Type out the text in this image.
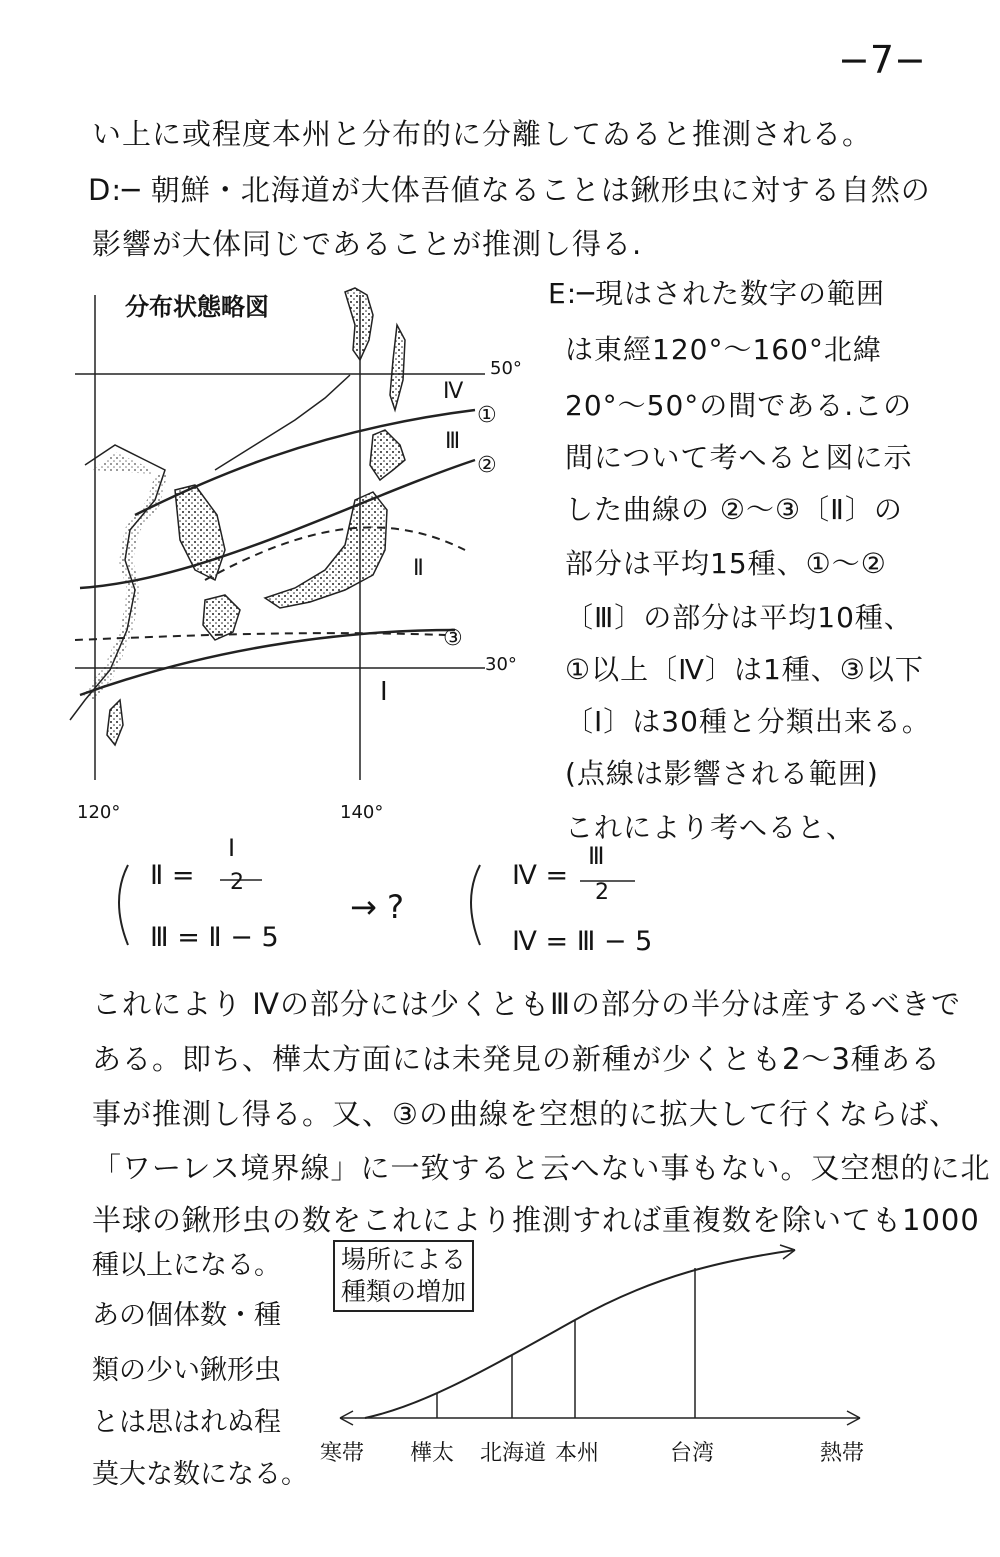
−7−
い上に或程度本州と分布的に分離してゐると推測される。
D:─ 朝鮮・北海道が大体吾値なることは鍬形虫に対する自然の
影響が大体同じであることが推測し得る.
分布状態略図
50°
30°
120°	140°
Ⅳ
Ⅲ
Ⅱ
Ⅰ
①
②
③
E:─現はされた数字の範囲
は東經120°〜160°北緯
20°〜50°の間である.この
間について考へると図に示
した曲線の ②〜③〔Ⅱ〕の
部分は平均15種、①〜②
〔Ⅲ〕の部分は平均10種、
①以上〔Ⅳ〕は1種、③以下
〔Ⅰ〕は30種と分類出来る。
(点線は影響される範囲)
これにより考へると、
Ⅱ =
Ⅰ
2
Ⅲ = Ⅱ − 5
→ ?
Ⅳ =
Ⅲ
2
Ⅳ = Ⅲ − 5
これにより Ⅳの部分には少くともⅢの部分の半分は産するべきで
ある。即ち、樺太方面には未発見の新種が少くとも2〜3種ある
事が推測し得る。又、③の曲線を空想的に拡大して行くならば、
「ワーレス境界線」に一致すると云へない事もない。又空想的に北
半球の鍬形虫の数をこれにより推測すれば重複数を除いても1000
種以上になる。
あの個体数・種
類の少い鍬形虫
とは思はれぬ程
莫大な数になる。
場所による
種類の増加
寒帯 樺太 北海道 本州	台湾	熱帯
